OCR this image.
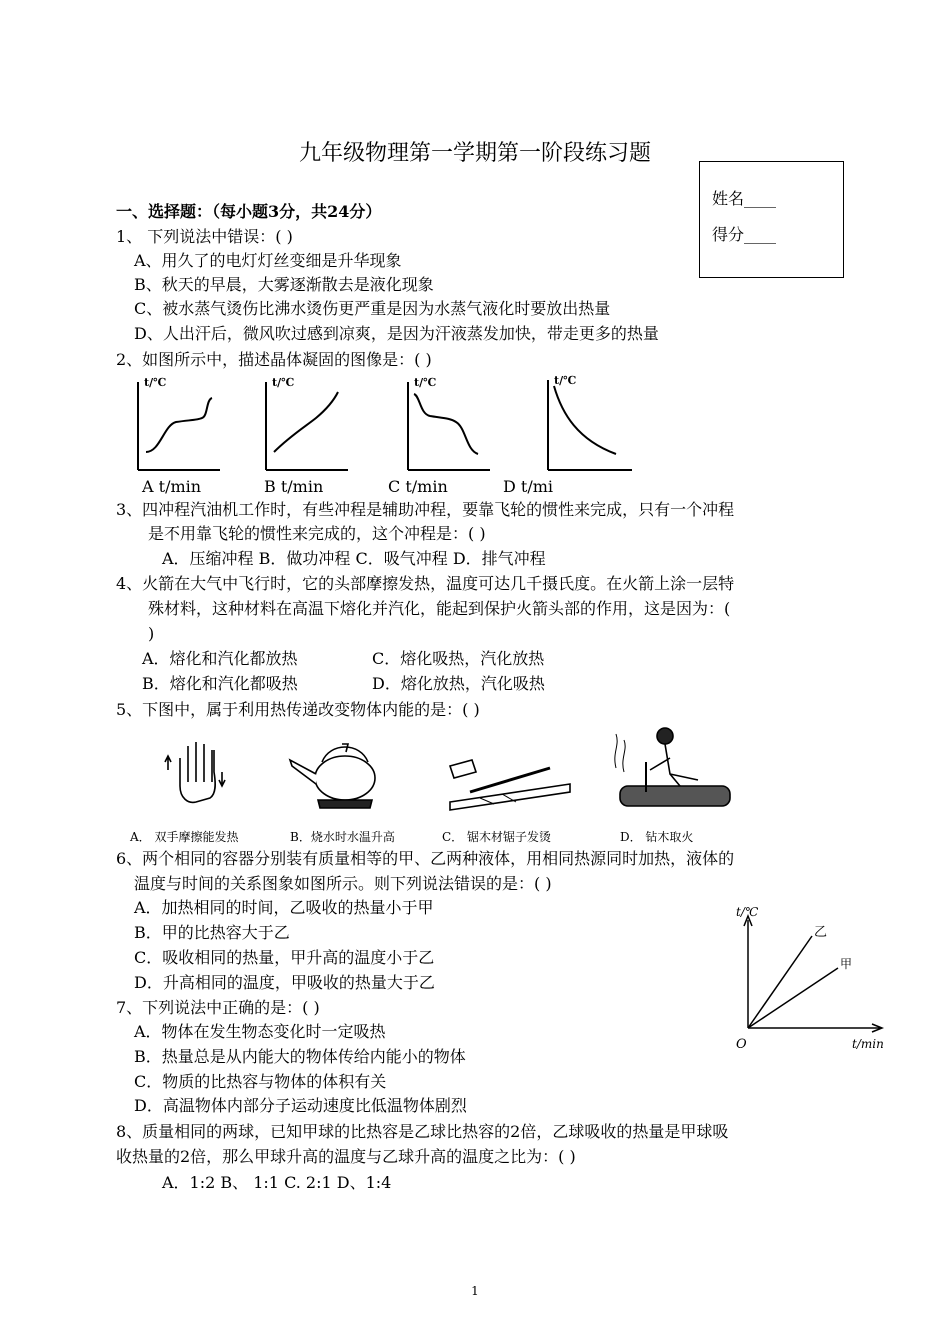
九年级物理第一学期第一阶段练习题
姓名____
得分____
一、选择题：（每小题3分，共24分）
1、 下列说法中错误：( )
A、用久了的电灯灯丝变细是升华现象
B、秋天的早晨，大雾逐渐散去是液化现象
C、被水蒸气烫伤比沸水烫伤更严重是因为水蒸气液化时要放出热量
D、人出汗后，微风吹过感到凉爽，是因为汗液蒸发加快，带走更多的热量
2、如图所示中，描述晶体凝固的图像是：( )
t/℃	t/℃	t/℃	t/℃
A t/min	B t/min	C t/min	D t/mi
3、四冲程汽油机工作时，有些冲程是辅助冲程，要靠飞轮的惯性来完成，只有一个冲程
是不用靠飞轮的惯性来完成的，这个冲程是：( )
A．压缩冲程 B．做功冲程 C．吸气冲程 D．排气冲程
4、火箭在大气中飞行时，它的头部摩擦发热，温度可达几千摄氏度。在火箭上涂一层特
殊材料，这种材料在高温下熔化并汽化，能起到保护火箭头部的作用，这是因为：(
)
A．熔化和汽化都放热	C．熔化吸热，汽化放热
B．熔化和汽化都吸热	D．熔化放热，汽化吸热
5、下图中，属于利用热传递改变物体内能的是：( )
A． 双手摩擦能发热	B．烧水时水温升高	C． 锯木材锯子发烫	D． 钻木取火
6、两个相同的容器分别装有质量相等的甲、乙两种液体，用相同热源同时加热，液体的
温度与时间的关系图象如图所示。则下列说法错误的是：( )
A．加热相同的时间，乙吸收的热量小于甲
B．甲的比热容大于乙
C．吸收相同的热量，甲升高的温度小于乙
D．升高相同的温度，甲吸收的热量大于乙
t/℃
t/min
O
乙
甲
7、下列说法中正确的是：( )
A．物体在发生物态变化时一定吸热
B．热量总是从内能大的物体传给内能小的物体
C．物质的比热容与物体的体积有关
D．高温物体内部分子运动速度比低温物体剧烈
8、质量相同的两球，已知甲球的比热容是乙球比热容的2倍，乙球吸收的热量是甲球吸
收热量的2倍，那么甲球升高的温度与乙球升高的温度之比为：( )
A．1:2 B、 1:1 C. 2:1 D、1:4
1
